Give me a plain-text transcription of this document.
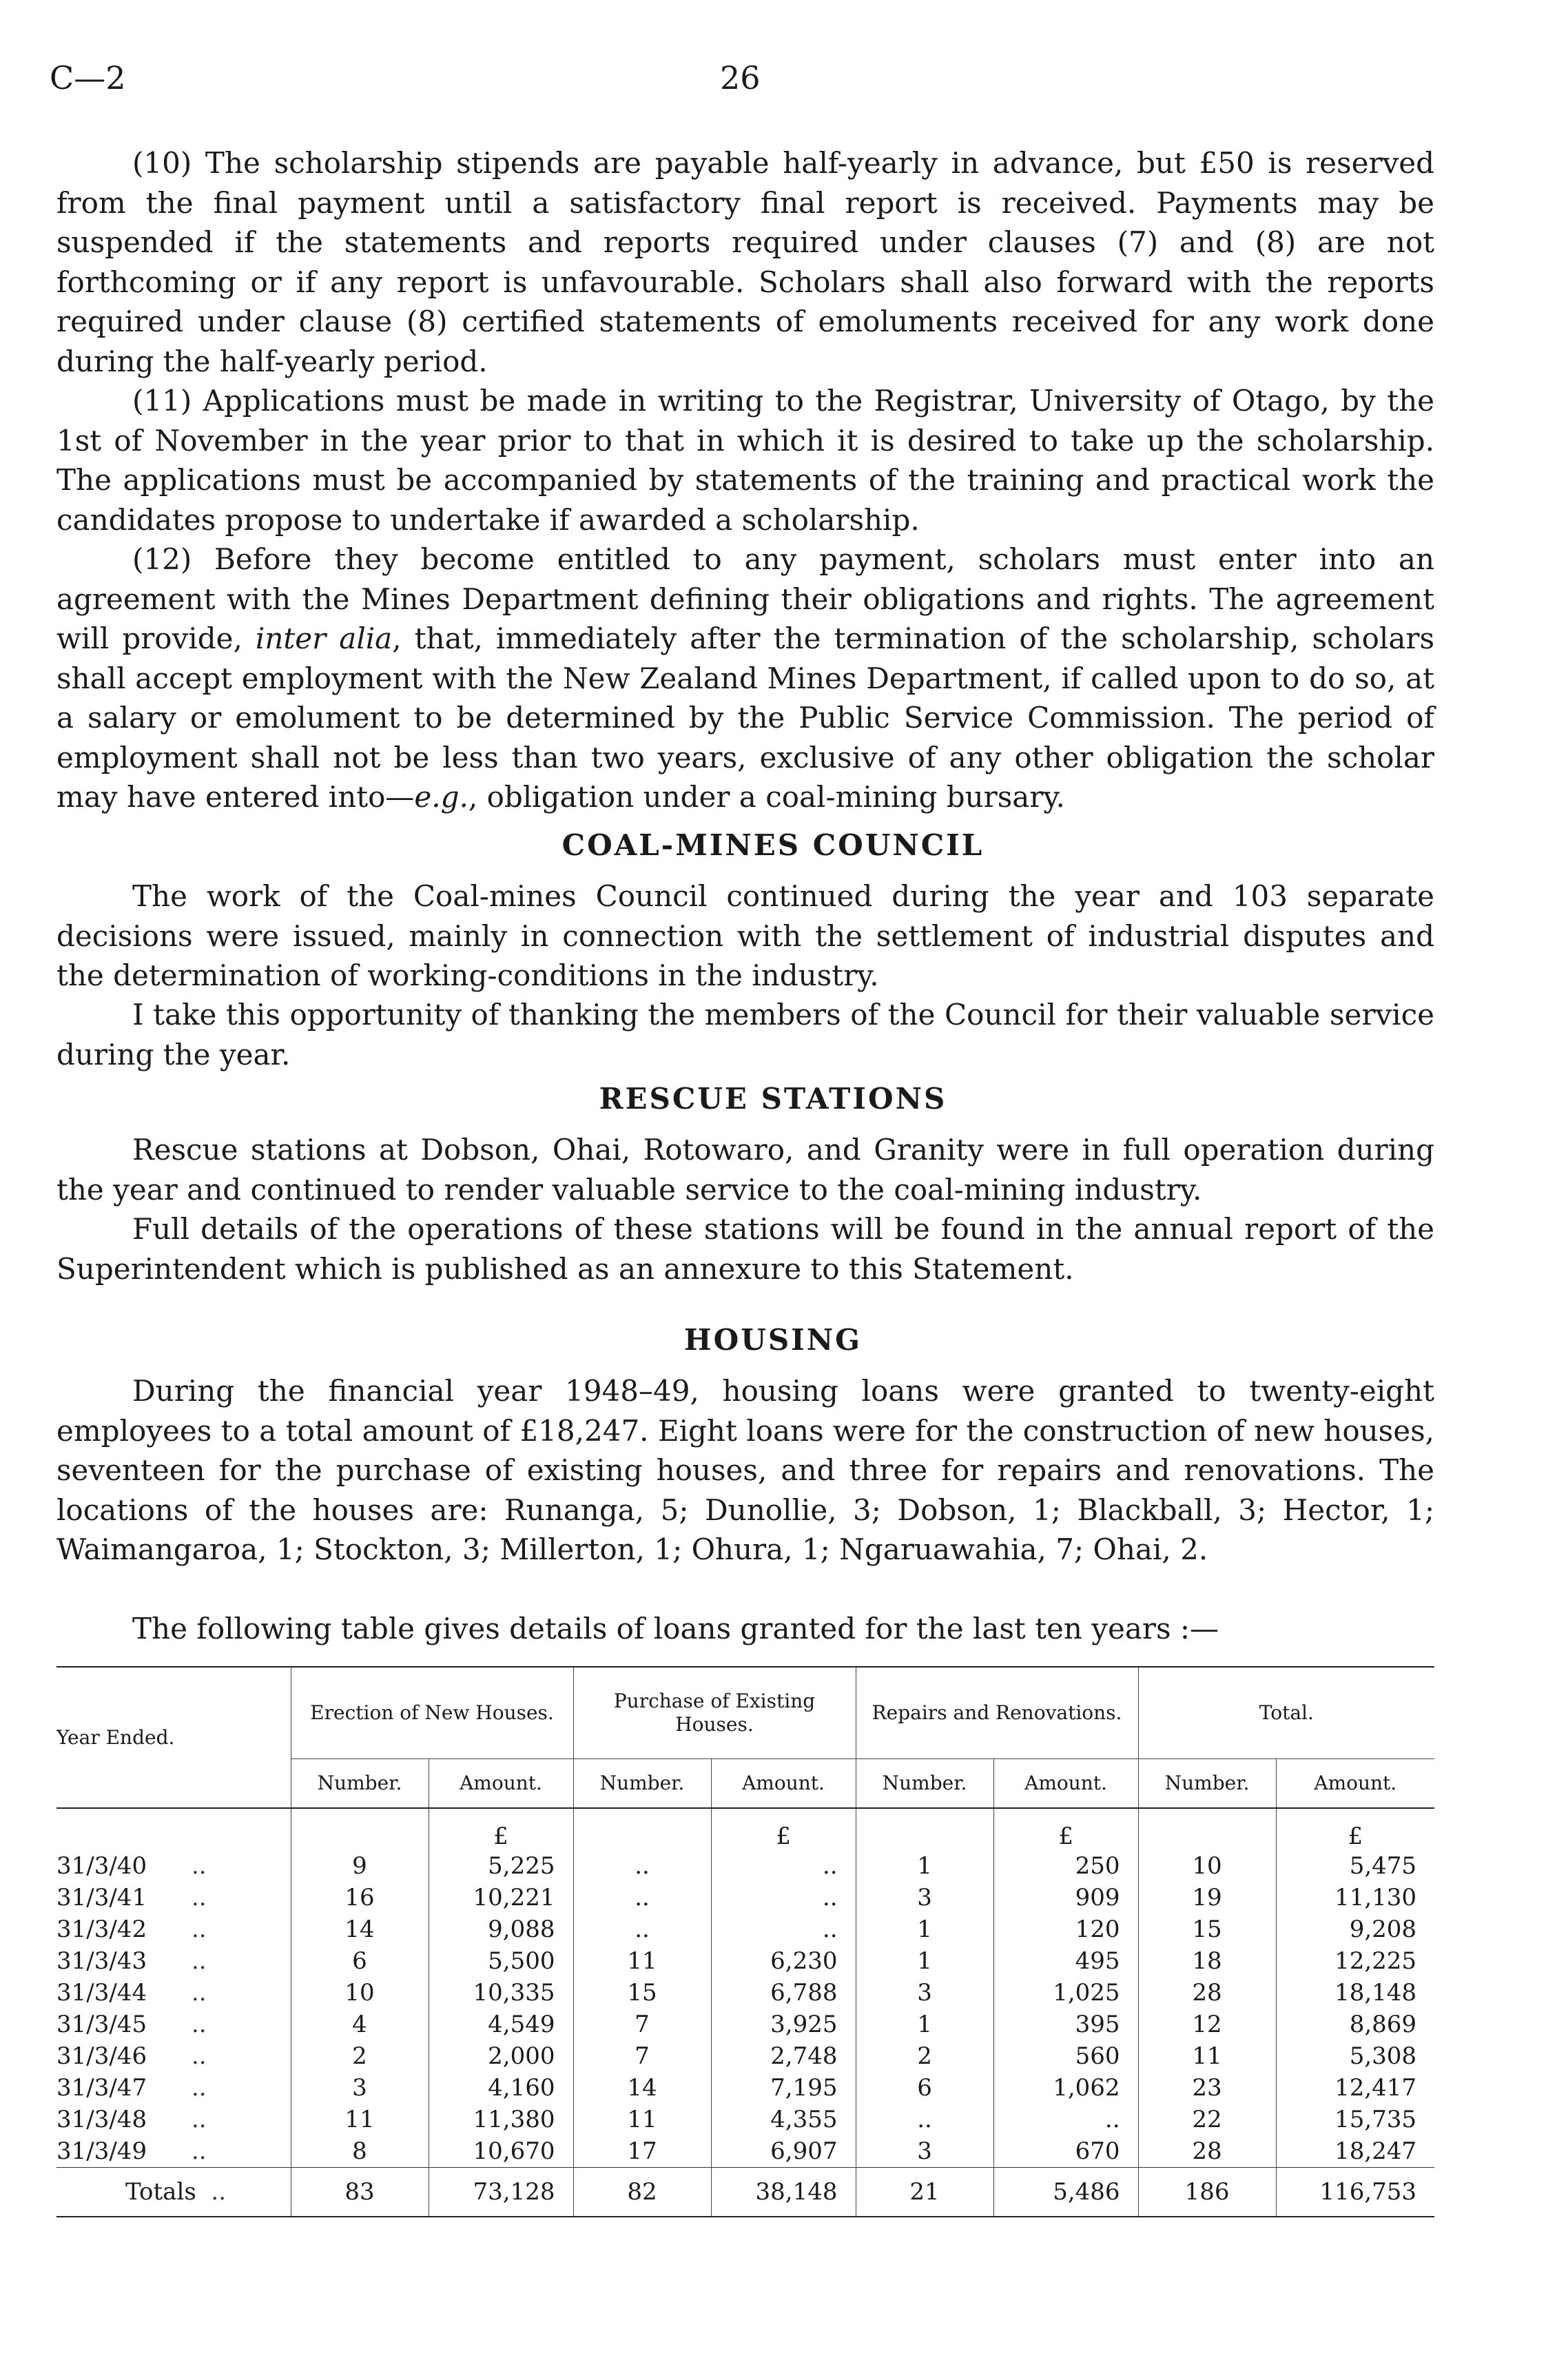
C—2	26

(10) The scholarship stipends are payable half-yearly in advance, but £50 is reserved from the final payment until a satisfactory final report is received. Payments may be suspended if the statements and reports required under clauses (7) and (8) are not forthcoming or if any report is unfavourable. Scholars shall also forward with the reports required under clause (8) certified statements of emoluments received for any work done during the half-yearly period.

(11) Applications must be made in writing to the Registrar, University of Otago, by the 1st of November in the year prior to that in which it is desired to take up the scholarship. The applications must be accompanied by statements of the training and practical work the candidates propose to undertake if awarded a scholarship.

(12) Before they become entitled to any payment, scholars must enter into an agreement with the Mines Department defining their obligations and rights. The agreement will provide, inter alia, that, immediately after the termination of the scholarship, scholars shall accept employment with the New Zealand Mines Department, if called upon to do so, at a salary or emolument to be determined by the Public Service Commission. The period of employment shall not be less than two years, exclusive of any other obligation the scholar may have entered into—e.g., obligation under a coal-mining bursary.

COAL-MINES COUNCIL

The work of the Coal-mines Council continued during the year and 103 separate decisions were issued, mainly in connection with the settlement of industrial disputes and the determination of working-conditions in the industry.

I take this opportunity of thanking the members of the Council for their valuable service during the year.

RESCUE STATIONS

Rescue stations at Dobson, Ohai, Rotowaro, and Granity were in full operation during the year and continued to render valuable service to the coal-mining industry.

Full details of the operations of these stations will be found in the annual report of the Superintendent which is published as an annexure to this Statement.

HOUSING

During the financial year 1948–49, housing loans were granted to twenty-eight employees to a total amount of £18,247. Eight loans were for the construction of new houses, seventeen for the purchase of existing houses, and three for repairs and renovations. The locations of the houses are: Runanga, 5; Dunollie, 3; Dobson, 1; Blackball, 3; Hector, 1; Waimangaroa, 1; Stockton, 3; Millerton, 1; Ohura, 1; Ngaruawahia, 7; Ohai, 2.

The following table gives details of loans granted for the last ten years :—

Year Ended.	Erection of New Houses.		Purchase of Existing Houses.		Repairs and Renovations.		Total.	
	Number.	Amount.	Number.	Amount.	Number.	Amount.	Number.	Amount.
		£		£		£		£
31/3/40 ..	9	5,225	..	..	1	250	10	5,475
31/3/41 ..	16	10,221	..	..	3	909	19	11,130
31/3/42 ..	14	9,088	..	..	1	120	15	9,208
31/3/43 ..	6	5,500	11	6,230	1	495	18	12,225
31/3/44 ..	10	10,335	15	6,788	3	1,025	28	18,148
31/3/45 ..	4	4,549	7	3,925	1	395	12	8,869
31/3/46 ..	2	2,000	7	2,748	2	560	11	5,308
31/3/47 ..	3	4,160	14	7,195	6	1,062	23	12,417
31/3/48 ..	11	11,380	11	4,355	..	..	22	15,735
31/3/49 ..	8	10,670	17	6,907	3	670	28	18,247
Totals ..	83	73,128	82	38,148	21	5,486	186	116,753
